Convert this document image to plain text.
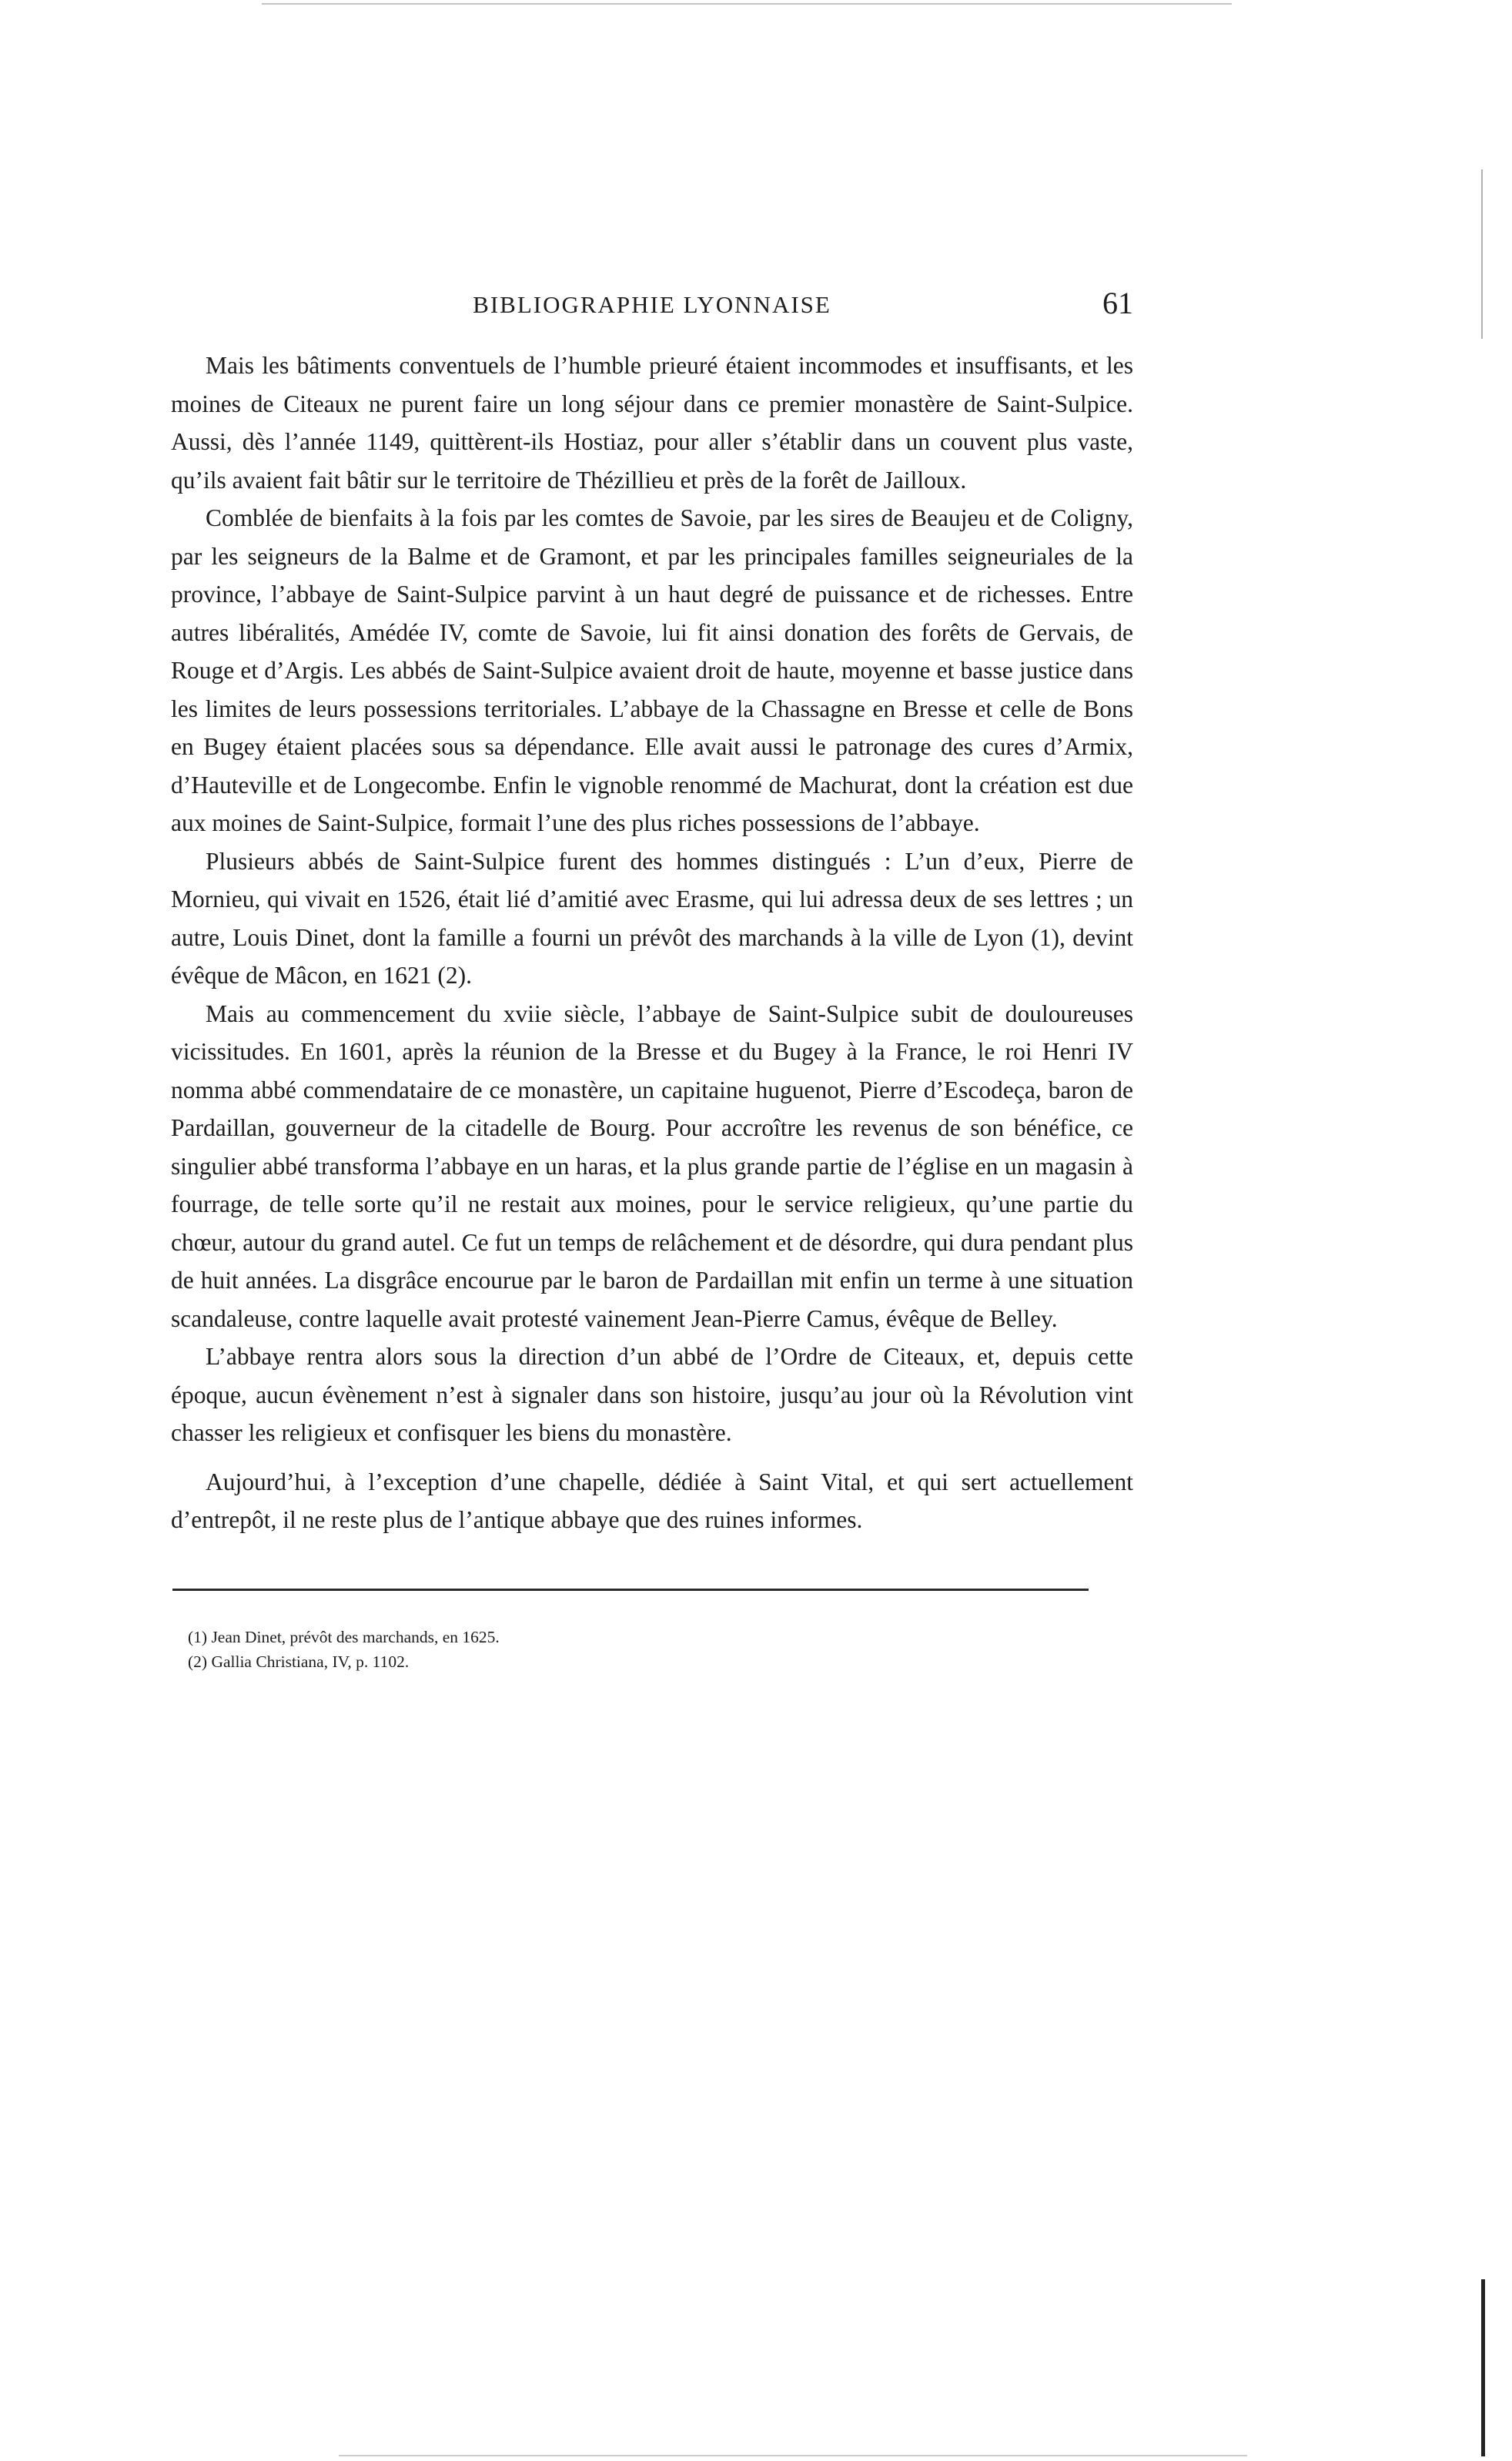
BIBLIOGRAPHIE LYONNAISE	61

Mais les bâtiments conventuels de l’humble prieuré étaient incommodes et insuffisants, et les moines de Citeaux ne purent faire un long séjour dans ce premier monastère de Saint-Sulpice. Aussi, dès l’année 1149, quittèrent-ils Hostiaz, pour aller s’établir dans un couvent plus vaste, qu’ils avaient fait bâtir sur le territoire de Thézillieu et près de la forêt de Jailloux.

Comblée de bienfaits à la fois par les comtes de Savoie, par les sires de Beaujeu et de Coligny, par les seigneurs de la Balme et de Gramont, et par les principales familles seigneuriales de la province, l’abbaye de Saint-Sulpice parvint à un haut degré de puissance et de richesses. Entre autres libéralités, Amédée IV, comte de Savoie, lui fit ainsi donation des forêts de Gervais, de Rouge et d’Argis. Les abbés de Saint-Sulpice avaient droit de haute, moyenne et basse justice dans les limites de leurs possessions territoriales. L’abbaye de la Chassagne en Bresse et celle de Bons en Bugey étaient placées sous sa dépendance. Elle avait aussi le patronage des cures d’Armix, d’Hauteville et de Longecombe. Enfin le vignoble renommé de Machurat, dont la création est due aux moines de Saint-Sulpice, formait l’une des plus riches possessions de l’abbaye.

Plusieurs abbés de Saint-Sulpice furent des hommes distingués : L’un d’eux, Pierre de Mornieu, qui vivait en 1526, était lié d’amitié avec Erasme, qui lui adressa deux de ses lettres ; un autre, Louis Dinet, dont la famille a fourni un prévôt des marchands à la ville de Lyon (1), devint évêque de Mâcon, en 1621 (2).

Mais au commencement du xviie siècle, l’abbaye de Saint-Sulpice subit de douloureuses vicissitudes. En 1601, après la réunion de la Bresse et du Bugey à la France, le roi Henri IV nomma abbé commendataire de ce monastère, un capitaine huguenot, Pierre d’Escodeça, baron de Pardaillan, gouverneur de la citadelle de Bourg. Pour accroître les revenus de son bénéfice, ce singulier abbé transforma l’abbaye en un haras, et la plus grande partie de l’église en un magasin à fourrage, de telle sorte qu’il ne restait aux moines, pour le service religieux, qu’une partie du chœur, autour du grand autel. Ce fut un temps de relâchement et de désordre, qui dura pendant plus de huit années. La disgrâce encourue par le baron de Pardaillan mit enfin un terme à une situation scandaleuse, contre laquelle avait protesté vainement Jean-Pierre Camus, évêque de Belley.

L’abbaye rentra alors sous la direction d’un abbé de l’Ordre de Citeaux, et, depuis cette époque, aucun évènement n’est à signaler dans son histoire, jusqu’au jour où la Révolution vint chasser les religieux et confisquer les biens du monastère.

Aujourd’hui, à l’exception d’une chapelle, dédiée à Saint Vital, et qui sert actuellement d’entrepôt, il ne reste plus de l’antique abbaye que des ruines informes.

(1) Jean Dinet, prévôt des marchands, en 1625.

(2) Gallia Christiana, IV, p. 1102.
